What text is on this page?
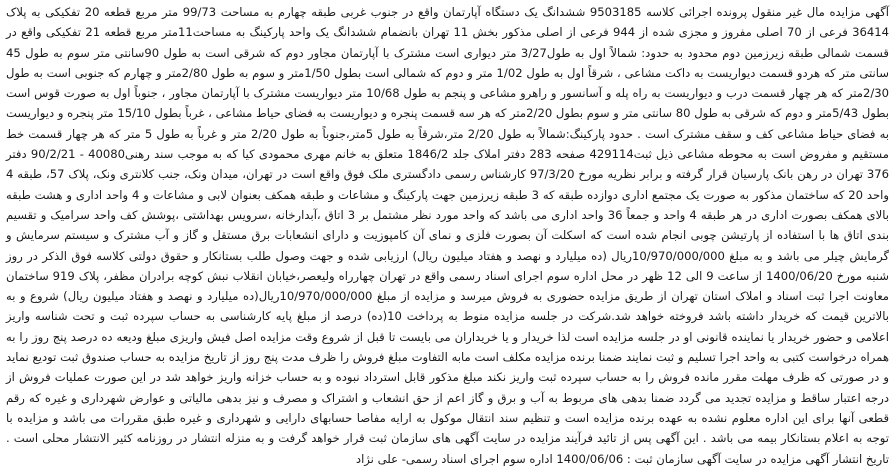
آگهی مزایده مال غیر منقول پرونده اجرائی کلاسه 9503185 ششدانگ یک دستگاه آپارتمان واقع در جنوب غربی طبقه چهارم به مساحت 99/73 متر مربع قطعه 20 تفکیکی به پلاک 36414 فرعی از 70 اصلی مفروز و مجزی شده از 944 فرعی از اصلی مذکور بخش 11 تهران بانضمام ششدانگ یک واحد پارکینگ به مساحت11متر مربع قطعه 21 تفکیکی واقع در قسمت شمالی طبقه زیرزمین دوم محدود به حدود: شمالاً اول به طول3/27 متر دیواری است مشترک با آپارتمان مجاور دوم که شرقی است به طول 90سانتی متر سوم به طول 45 سانتی متر که هردو قسمت دیواریست به داکت مشاعی ، شرقاً اول به طول 1/02 متر و دوم که شمالی است بطول 1/50متر و سوم به طول 2/80متر و چهارم که جنوبی است به طول 2/30متر که هر چهار قسمت درب و دیواریست به راه پله و آسانسور و راهرو مشاعی و پنجم به طول 10/68 متر دیواریست مشترک با آپارتمان مجاور ، جنوباً اول به صورت قوس است بطول 5/43متر و دوم که شرقی به طول 80 سانتی متر و سوم بطول 2/20متر که هر سه قسمت پنجره و دیواریست به فضای حیاط مشاعی ، غرباً بطول 15/10 متر پنجره و دیواریست به فضای حیاط مشاعی کف و سقف مشترک است . حدود پارکینگ:شمالاً به طول 2/20 متر،شرقاً به طول 5متر،جنوباً به طول 2/20 متر و غرباً به طول 5 متر که هر چهار قسمت خط مستقیم و مفروض است به محوطه مشاعی ذیل ثبت429114 صفحه 283 دفتر املاک جلد 1846/2 متعلق به خانم مهری محمودی کیا که به موجب سند رهنی40080 - 90/2/21 دفتر 376 تهران در رهن بانک پارسیان قرار گرفته و برابر نظریه مورخ 97/3/20 کارشناس رسمی دادگستری ملک فوق واقع است در تهران، میدان ونک، جنب کلانتری ونک، پلاک 57، طبقه 4 واحد 20 که ساختمان مذکور به صورت یک مجتمع اداری دوازده طبقه که 3 طبقه زیرزمین جهت پارکینگ و مشاعات و طبقه همکف بعنوان لابی و مشاعات و 4 واحد اداری و هشت طبقه بالای همکف بصورت اداری در هر طبقه 4 واحد و جمعاً 36 واحد اداری می باشد که واحد مورد نظر مشتمل بر 3 اتاق ،آبدارخانه ،سرویس بهداشتی ،پوشش کف واحد سرامیک و تقسیم بندی اتاق ها با استفاده از پارتیشن چوبی انجام شده است که اسکلت آن بصورت فلزی و نمای آن کامپوزیت و دارای انشعابات برق مستقل و گاز و آب مشترک و سیستم سرمایش و گرمایش چیلر می باشد و به مبلغ 10/970/000/000ریال (ده میلیارد و نهصد و هفتاد میلیون ریال) ارزیابی شده و جهت وصول طلب بستانکار و حقوق دولتی کلاسه فوق الذکر در روز شنبه مورخ 1400/06/20 از ساعت 9 الی 12 ظهر در محل اداره سوم اجرای اسناد رسمی واقع در تهران چهارراه ولیعصر،خیابان انقلاب نبش کوچه برادران مظفر، پلاک 919 ساختمان معاونت اجرا ثبت اسناد و املاک استان تهران از طریق مزایده حضوری به فروش میرسد و مزایده از مبلغ 10/970/000/000ریال(ده میلیارد و نهصد و هفتاد میلیون ریال) شروع و به بالاترین قیمت که خریدار داشته باشد فروخته خواهد شد.شرکت در جلسه مزایده منوط به پرداخت 10(ده) درصد از مبلغ پایه کارشناسی به حساب سپرده ثبت و تحت شناسه واریز اعلامی و حضور خریدار یا نماینده قانونی او در جلسه مزایده است لذا خریدار و یا خریداران می بایست تا قبل از شروع وقت مزایده اصل فیش واریزی مبلغ ودیعه ده درصد پنج روز را به همراه درخواست کتبی به واحد اجرا تسلیم و ثبت نمایند ضمنا برنده مزایده مکلف است مابه التفاوت مبلغ فروش را ظرف مدت پنج روز از تاریخ مزایده به حساب صندوق ثبت تودیع نماید و در صورتی که ظرف مهلت مقرر مانده فروش را به حساب سپرده ثبت واریز نکند مبلغ مذکور قابل استرداد نبوده و به حساب خزانه واریز خواهد شد در این صورت عملیات فروش از درجه اعتبار ساقط و مزایده تجدید می گردد ضمنا بدهی های مربوط به آب و برق و گاز اعم از حق انشعاب و اشتراک و مصرف و نیز بدهی مالیاتی و عوارض شهرداری و غیره که رقم قطعی آنها برای این اداره معلوم نشده به عهده برنده مزایده است و تنظیم سند انتقال موکول به ارایه مفاصا حسابهای دارایی و شهرداری و غیره طبق مقررات می باشد و مزایده با توجه به اعلام بستانکار بیمه می باشد . این آگهی پس از تائید فرآیند مزایده در سایت آگهی های سازمان ثبت قرار خواهد گرفت و به منزله انتشار در روزنامه کثیر الانتشار محلی است . تاریخ انتشار آگهی مزایده در سایت آگهی سازمان ثبت : 1400/06/06 اداره سوم اجرای اسناد رسمی- علی نژاد
